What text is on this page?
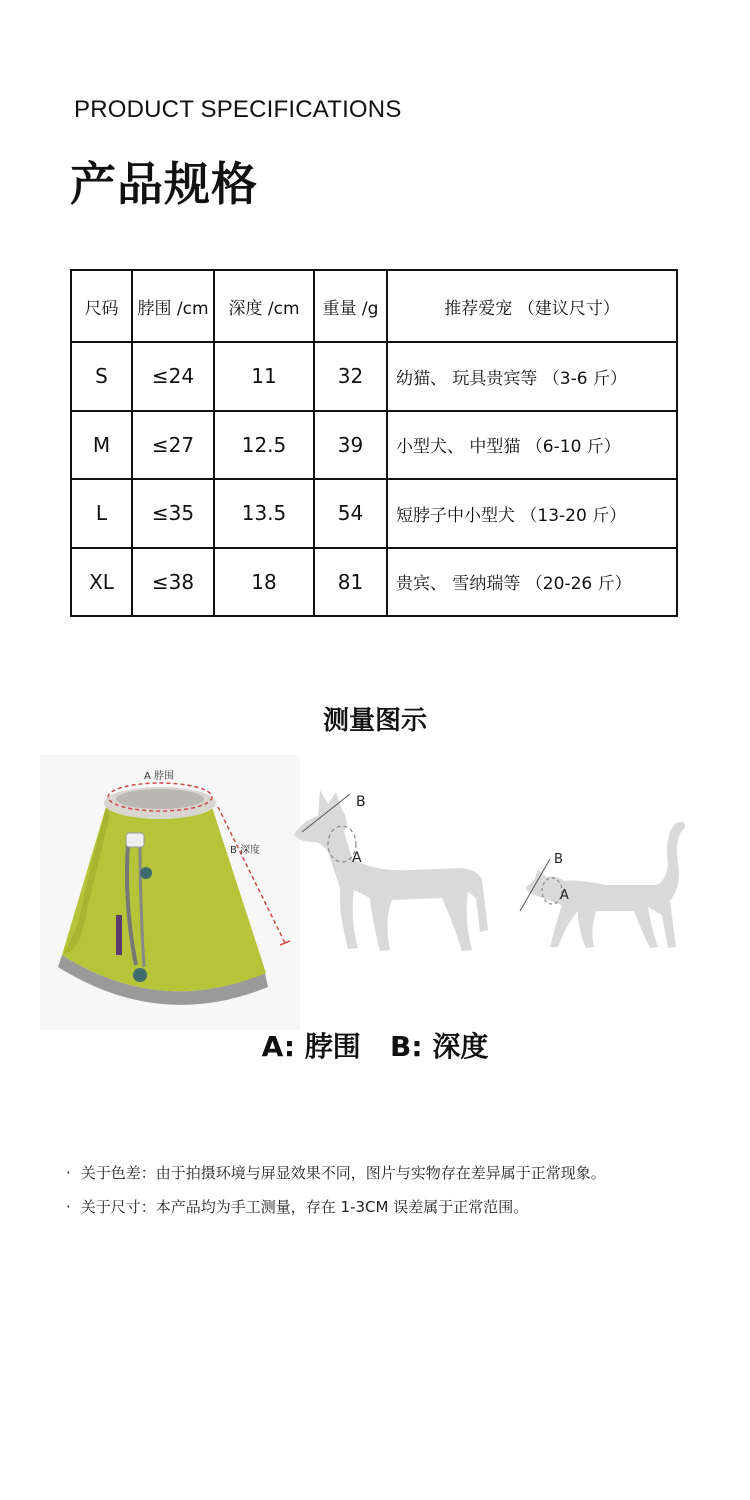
PRODUCT SPECIFICATIONS
产品规格
尺码	脖围 /cm	深度 /cm	重量 /g	推荐爱宠 （建议尺寸）
S	≤24	11	32	幼猫、 玩具贵宾等 （3-6 斤）
M	≤27	12.5	39	小型犬、 中型猫 （6-10 斤）
L	≤35	13.5	54	短脖子中小型犬 （13-20 斤）
XL	≤38	18	81	贵宾、 雪纳瑞等 （20-26 斤）
测量图示
A 脖围
B 深度
B
A	B
A
A: 脖围   B: 深度
· 关于色差：由于拍摄环境与屏显效果不同，图片与实物存在差异属于正常现象。
· 关于尺寸：本产品均为手工测量，存在 1-3CM 误差属于正常范围。
